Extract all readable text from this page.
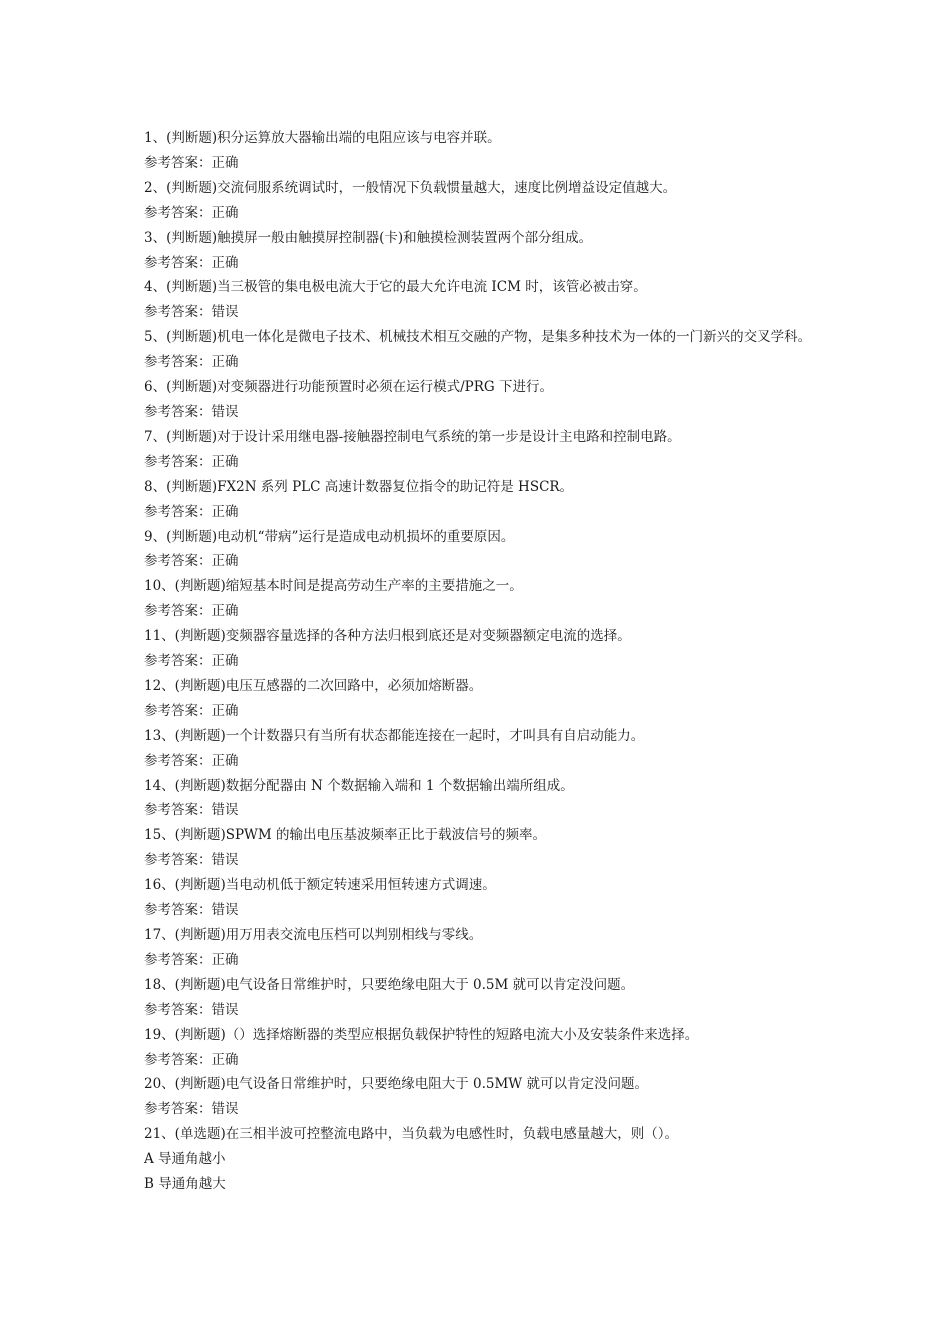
1、(判断题)积分运算放大器输出端的电阻应该与电容并联。

参考答案：正确

2、(判断题)交流伺服系统调试时，一般情况下负载惯量越大，速度比例增益设定值越大。

参考答案：正确

3、(判断题)触摸屏一般由触摸屏控制器(卡)和触摸检测装置两个部分组成。

参考答案：正确

4、(判断题)当三极管的集电极电流大于它的最大允许电流 ICM 时，该管必被击穿。

参考答案：错误

5、(判断题)机电一体化是微电子技术、机械技术相互交融的产物，是集多种技术为一体的一门新兴的交叉学科。

参考答案：正确

6、(判断题)对变频器进行功能预置时必须在运行模式/PRG 下进行。

参考答案：错误

7、(判断题)对于设计采用继电器-接触器控制电气系统的第一步是设计主电路和控制电路。

参考答案：正确

8、(判断题)FX2N 系列 PLC 高速计数器复位指令的助记符是 HSCR。

参考答案：正确

9、(判断题)电动机“带病”运行是造成电动机损坏的重要原因。

参考答案：正确

10、(判断题)缩短基本时间是提高劳动生产率的主要措施之一。

参考答案：正确

11、(判断题)变频器容量选择的各种方法归根到底还是对变频器额定电流的选择。

参考答案：正确

12、(判断题)电压互感器的二次回路中，必须加熔断器。

参考答案：正确

13、(判断题)一个计数器只有当所有状态都能连接在一起时，才叫具有自启动能力。

参考答案：正确

14、(判断题)数据分配器由 N 个数据输入端和 1 个数据输出端所组成。

参考答案：错误

15、(判断题)SPWM 的输出电压基波频率正比于载波信号的频率。

参考答案：错误

16、(判断题)当电动机低于额定转速采用恒转速方式调速。

参考答案：错误

17、(判断题)用万用表交流电压档可以判别相线与零线。

参考答案：正确

18、(判断题)电气设备日常维护时，只要绝缘电阻大于 0.5M 就可以肯定没问题。

参考答案：错误

19、(判断题)（）选择熔断器的类型应根据负载保护特性的短路电流大小及安装条件来选择。

参考答案：正确

20、(判断题)电气设备日常维护时，只要绝缘电阻大于 0.5MW 就可以肯定没问题。

参考答案：错误

21、(单选题)在三相半波可控整流电路中，当负载为电感性时，负载电感量越大，则（）。

A 导通角越小

B 导通角越大
